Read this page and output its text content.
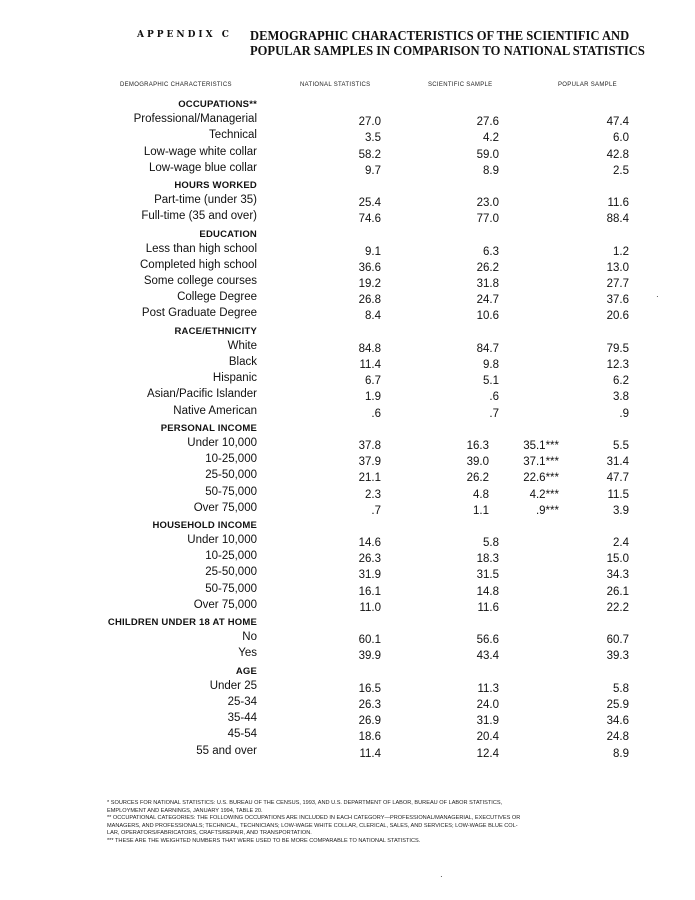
APPENDIX C DEMOGRAPHIC CHARACTERISTICS OF THE SCIENTIFIC AND
POPULAR SAMPLES IN COMPARISON TO NATIONAL STATISTICS
DEMOGRAPHIC CHARACTERISTICS	NATIONAL STATISTICS	SCIENTIFIC SAMPLE	POPULAR SAMPLE
OCCUPATIONS**
Professional/Managerial	27.0	27.6	47.4
Technical	3.5	4.2	6.0
Low-wage white collar	58.2	59.0	42.8
Low-wage blue collar	9.7	8.9	2.5
HOURS WORKED
Part-time (under 35)	25.4	23.0	11.6
Full-time (35 and over)	74.6	77.0	88.4
EDUCATION
Less than high school	9.1	6.3	1.2
Completed high school	36.6	26.2	13.0
Some college courses	19.2	31.8	27.7
College Degree	26.8	24.7	37.6
Post Graduate Degree	8.4	10.6	20.6
RACE/ETHNICITY
White	84.8	84.7	79.5
Black	11.4	9.8	12.3
Hispanic	6.7	5.1	6.2
Asian/Pacific Islander	1.9	.6	3.8
Native American	.6	.7	.9
PERSONAL INCOME
Under 10,000	37.8	16.3	35.1***	5.5
10-25,000	37.9	39.0	37.1***	31.4
25-50,000	21.1	26.2	22.6***	47.7
50-75,000	2.3	4.8	4.2***	11.5
Over 75,000	.7	1.1	.9***	3.9
HOUSEHOLD INCOME
Under 10,000	14.6	5.8	2.4
10-25,000	26.3	18.3	15.0
25-50,000	31.9	31.5	34.3
50-75,000	16.1	14.8	26.1
Over 75,000	11.0	11.6	22.2
CHILDREN UNDER 18 AT HOME
No	60.1	56.6	60.7
Yes	39.9	43.4	39.3
AGE
Under 25	16.5	11.3	5.8
25-34	26.3	24.0	25.9
35-44	26.9	31.9	34.6
45-54	18.6	20.4	24.8
55 and over	11.4	12.4	8.9
* SOURCES FOR NATIONAL STATISTICS: U.S. BUREAU OF THE CENSUS, 1993, AND U.S. DEPARTMENT OF LABOR, BUREAU OF LABOR STATISTICS,
EMPLOYMENT AND EARNINGS, JANUARY 1994, TABLE 20.
** OCCUPATIONAL CATEGORIES: THE FOLLOWING OCCUPATIONS ARE INCLUDED IN EACH CATEGORY—PROFESSIONAL/MANAGERIAL, EXECUTIVES OR
MANAGERS, AND PROFESSIONALS; TECHNICAL, TECHNICIANS; LOW-WAGE WHITE COLLAR, CLERICAL, SALES, AND SERVICES; LOW-WAGE BLUE COL-
LAR, OPERATORS/FABRICATORS, CRAFTS/REPAIR, AND TRANSPORTATION.
*** THESE ARE THE WEIGHTED NUMBERS THAT WERE USED TO BE MORE COMPARABLE TO NATIONAL STATISTICS.
·
·
